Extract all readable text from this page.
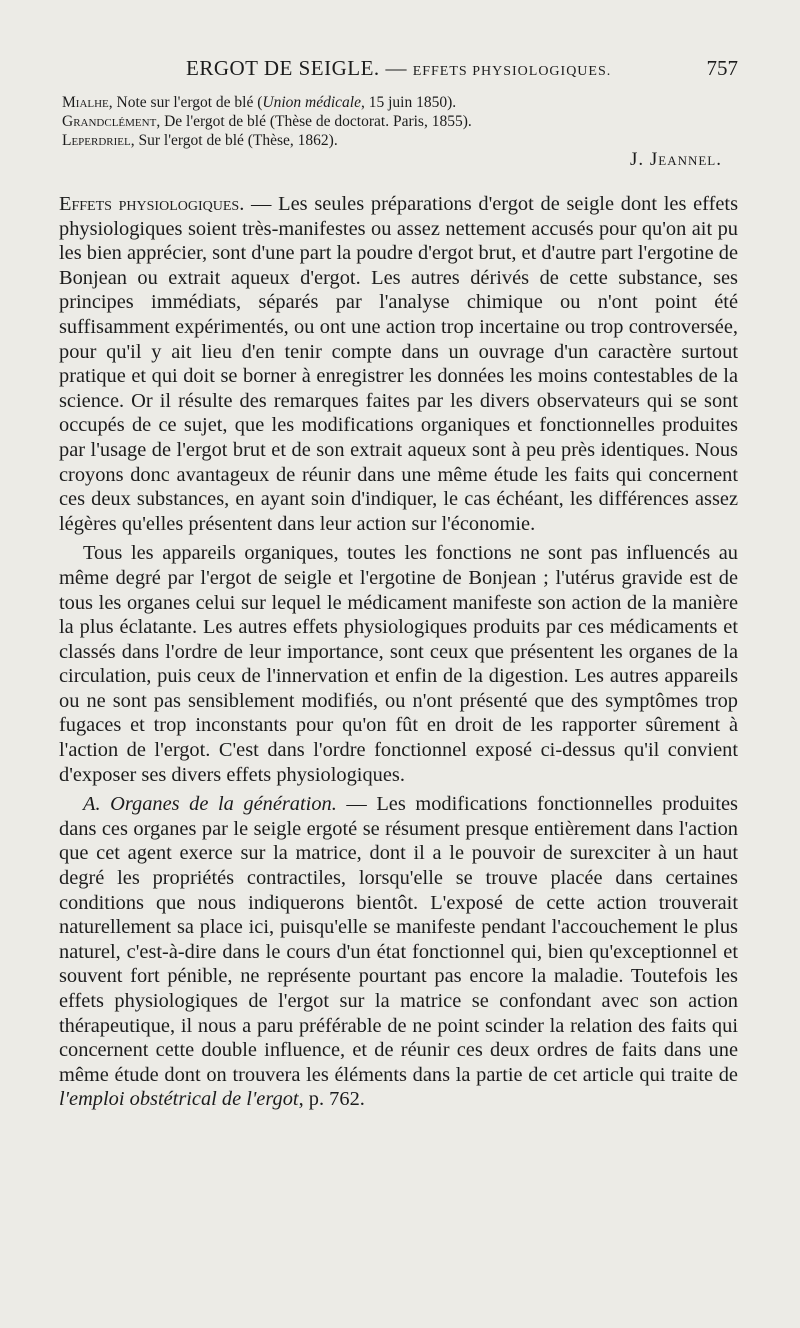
ERGOT DE SEIGLE. — EFFETS PHYSIOLOGIQUES.	757
Mialhe, Note sur l'ergot de blé (Union médicale, 15 juin 1850).
Grandclément, De l'ergot de blé (Thèse de doctorat. Paris, 1855).
Leperdriel, Sur l'ergot de blé (Thèse, 1862).
J. Jeannel.

Effets physiologiques. — Les seules préparations d'ergot de seigle dont les effets physiologiques soient très-manifestes ou assez nettement accusés pour qu'on ait pu les bien apprécier, sont d'une part la poudre d'ergot brut, et d'autre part l'ergotine de Bonjean ou extrait aqueux d'ergot. Les autres dérivés de cette substance, ses principes immédiats, séparés par l'analyse chimique ou n'ont point été suffisamment expérimentés, ou ont une action trop incertaine ou trop controversée, pour qu'il y ait lieu d'en tenir compte dans un ouvrage d'un caractère surtout pratique et qui doit se borner à enregistrer les données les moins contestables de la science. Or il résulte des remarques faites par les divers observateurs qui se sont occupés de ce sujet, que les modifications organiques et fonctionnelles produites par l'usage de l'ergot brut et de son extrait aqueux sont à peu près identiques. Nous croyons donc avantageux de réunir dans une même étude les faits qui concernent ces deux substances, en ayant soin d'indiquer, le cas échéant, les différences assez légères qu'elles présentent dans leur action sur l'économie.

Tous les appareils organiques, toutes les fonctions ne sont pas influencés au même degré par l'ergot de seigle et l'ergotine de Bonjean ; l'utérus gravide est de tous les organes celui sur lequel le médicament manifeste son action de la manière la plus éclatante. Les autres effets physiologiques produits par ces médicaments et classés dans l'ordre de leur importance, sont ceux que présentent les organes de la circulation, puis ceux de l'innervation et enfin de la digestion. Les autres appareils ou ne sont pas sensiblement modifiés, ou n'ont présenté que des symptômes trop fugaces et trop inconstants pour qu'on fût en droit de les rapporter sûrement à l'action de l'ergot. C'est dans l'ordre fonctionnel exposé ci-dessus qu'il convient d'exposer ses divers effets physiologiques.

A. Organes de la génération. — Les modifications fonctionnelles produites dans ces organes par le seigle ergoté se résument presque entièrement dans l'action que cet agent exerce sur la matrice, dont il a le pouvoir de surexciter à un haut degré les propriétés contractiles, lorsqu'elle se trouve placée dans certaines conditions que nous indiquerons bientôt. L'exposé de cette action trouverait naturellement sa place ici, puisqu'elle se manifeste pendant l'accouchement le plus naturel, c'est-à-dire dans le cours d'un état fonctionnel qui, bien qu'exceptionnel et souvent fort pénible, ne représente pourtant pas encore la maladie. Toutefois les effets physiologiques de l'ergot sur la matrice se confondant avec son action thérapeutique, il nous a paru préférable de ne point scinder la relation des faits qui concernent cette double influence, et de réunir ces deux ordres de faits dans une même étude dont on trouvera les éléments dans la partie de cet article qui traite de l'emploi obstétrical de l'ergot, p. 762.
